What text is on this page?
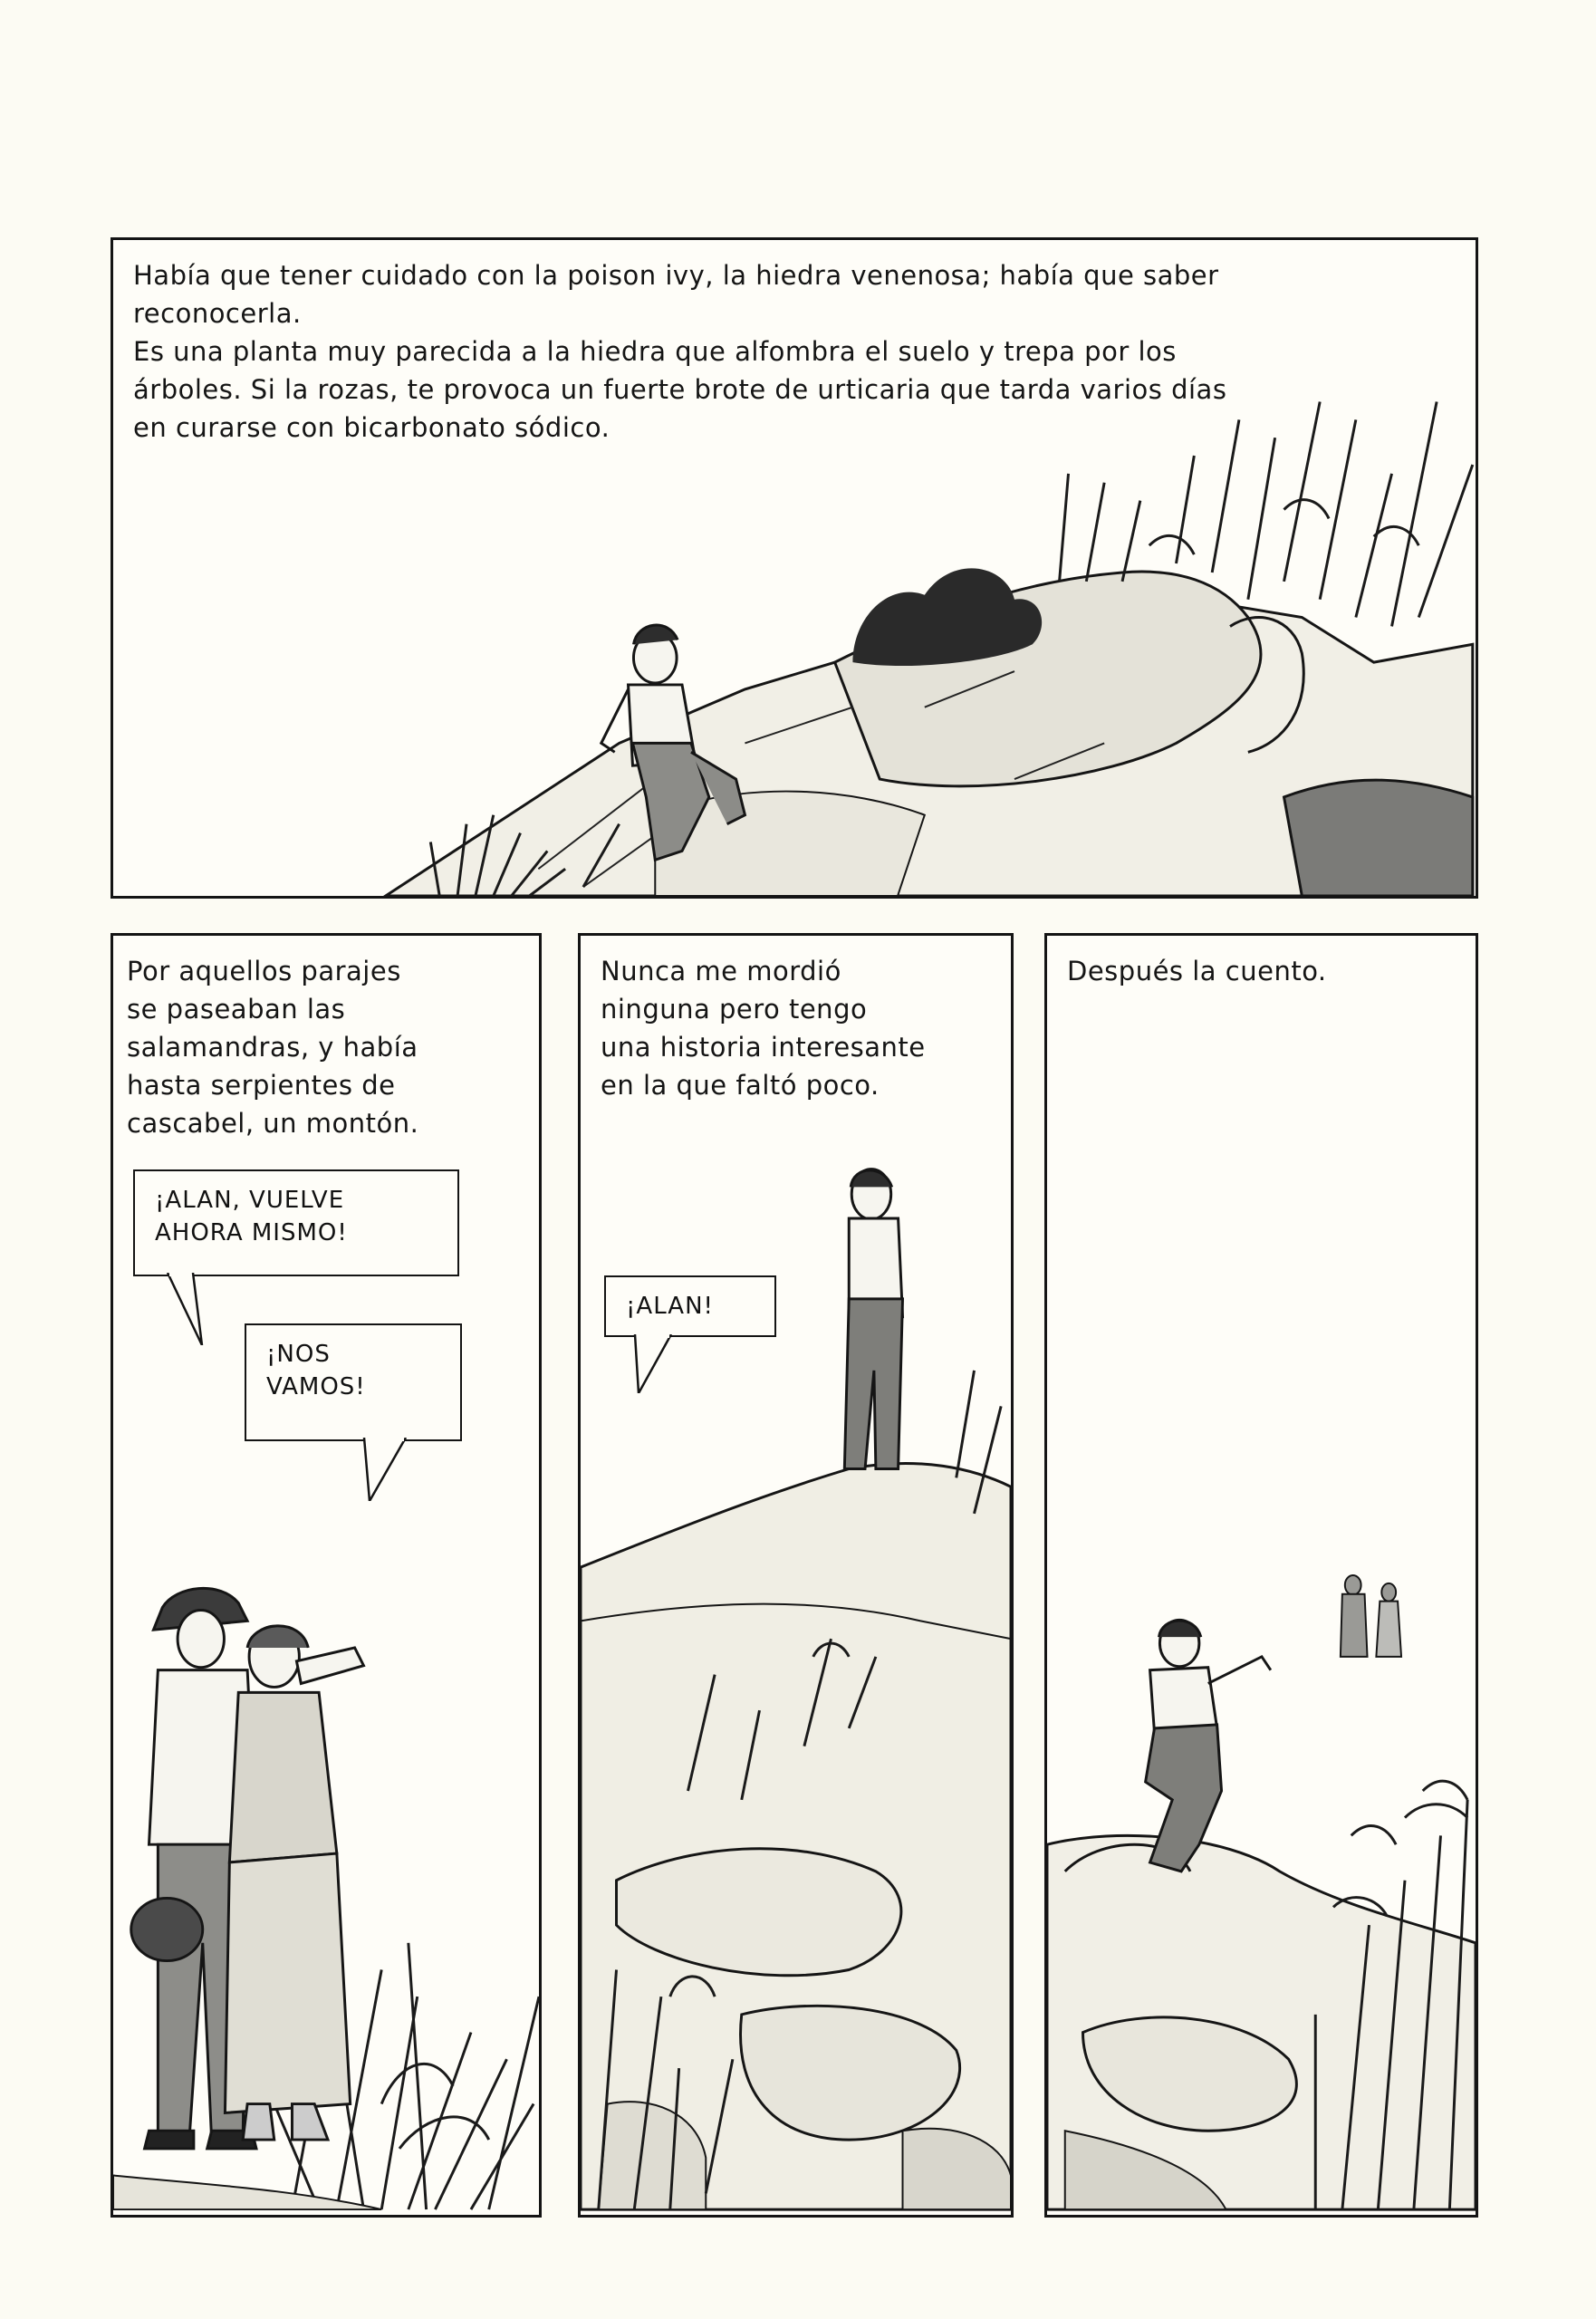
Había que tener cuidado con la poison ivy, la hiedra venenosa; había que saber
reconocerla.
Es una planta muy parecida a la hiedra que alfombra el suelo y trepa por los
árboles. Si la rozas, te provoca un fuerte brote de urticaria que tarda varios días
en curarse con bicarbonato sódico.
Por aquellos parajes
se paseaban las
salamandras, y había
hasta serpientes de
cascabel, un montón.
¡ALAN, VUELVE
AHORA MISMO!
¡NOS
VAMOS!
Nunca me mordió
ninguna pero tengo
una historia interesante
en la que faltó poco.
¡ALAN!
Después la cuento.
